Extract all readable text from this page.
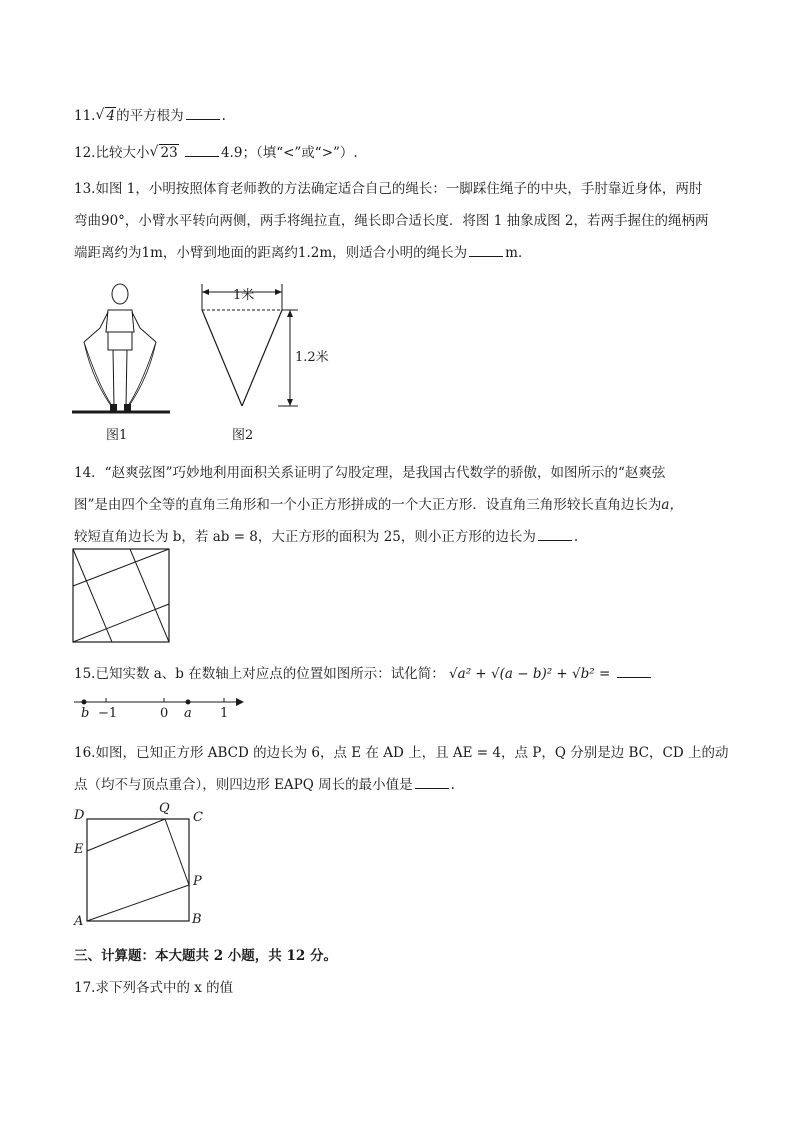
11. √ 4的平方根为	.
12.比较大小 √ 23	4.9；（填“<”或“>”）.
13.如图 1，小明按照体育老师教的方法确定适合自己的绳长：一脚踩住绳子的中央，手肘靠近身体，两肘
弯曲90°，小臂水平转向两侧，两手将绳拉直，绳长即合适长度．将图 1 抽象成图 2，若两手握住的绳柄两
端距离约为1m，小臂到地面的距离约1.2m，则适合小明的绳长为	m．
图1
1米
1.2米
图2
14．“赵爽弦图”巧妙地利用面积关系证明了勾股定理，是我国古代数学的骄傲，如图所示的“赵爽弦
图”是由四个全等的直角三角形和一个小正方形拼成的一个大正方形．设直角三角形较长直角边长为a，
较短直角边长为 b，若 ab = 8，大正方形的面积为 25，则小正方形的边长为	.
15.已知实数 a、b 在数轴上对应点的位置如图所示：试化简： √a² + √(a − b)² + √b² =
b −1	0 a 1
16.如图，已知正方形 ABCD 的边长为 6，点 E 在 AD 上，且 AE = 4，点 P，Q 分别是边 BC，CD 上的动
点（均不与顶点重合），则四边形 EAPQ 周长的最小值是	.
D	Q
C
E
P
A	B
三、计算题：本大题共 2 小题，共 12 分。
17.求下列各式中的 x 的值
